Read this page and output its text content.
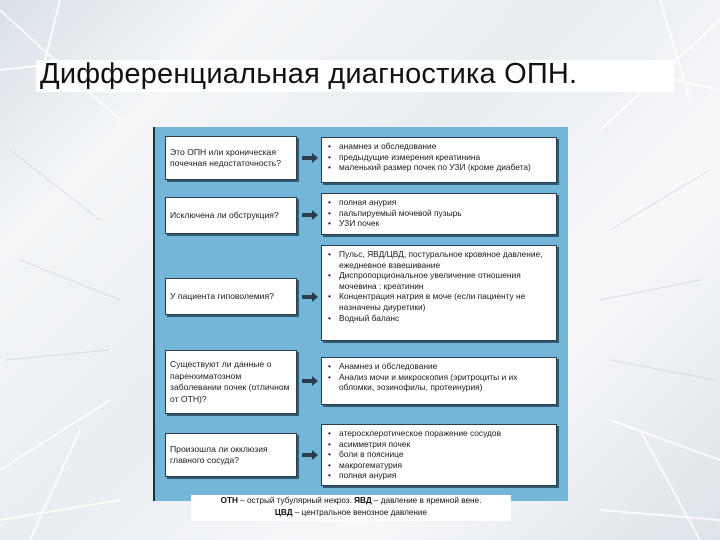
Дифференциальная диагностика ОПН.
Это ОПН или хроническая почечная недостаточность?
• анамнез и обследование
• предыдущие измерения креатинина
• маленький размер почек по УЗИ (кроме диабета)
Исключена ли обструкция?
• полная анурия
• пальпируемый мочевой пузырь
• УЗИ почек
У пациента гиповолемия?
• Пульс, ЯВД/ЦВД, постуральное кровяное давление, ежедневное взвешивание
• Диспропорциональное увеличение отношения мочевина : креатинин
• Концентрация натрия в моче (если пациенту не назначены диуретики)
• Водный баланс
Существуют ли данные о паренхиматозном заболевании почек (отличном от ОТН)?
• Анамнез и обследование
• Анализ мочи и микроскопия (эритроциты и их обломки, эозинофилы, протеинурия)
Произошла ли окклюзия главного сосуда?
• атеросклеротическое поражение сосудов
• асимметрия почек
• боли в пояснице
• макрогематурия
• полная анурия
ОТН – острый тубулярный некроз. ЯВД – давление в яремной вене.
ЦВД – центральное венозное давление
